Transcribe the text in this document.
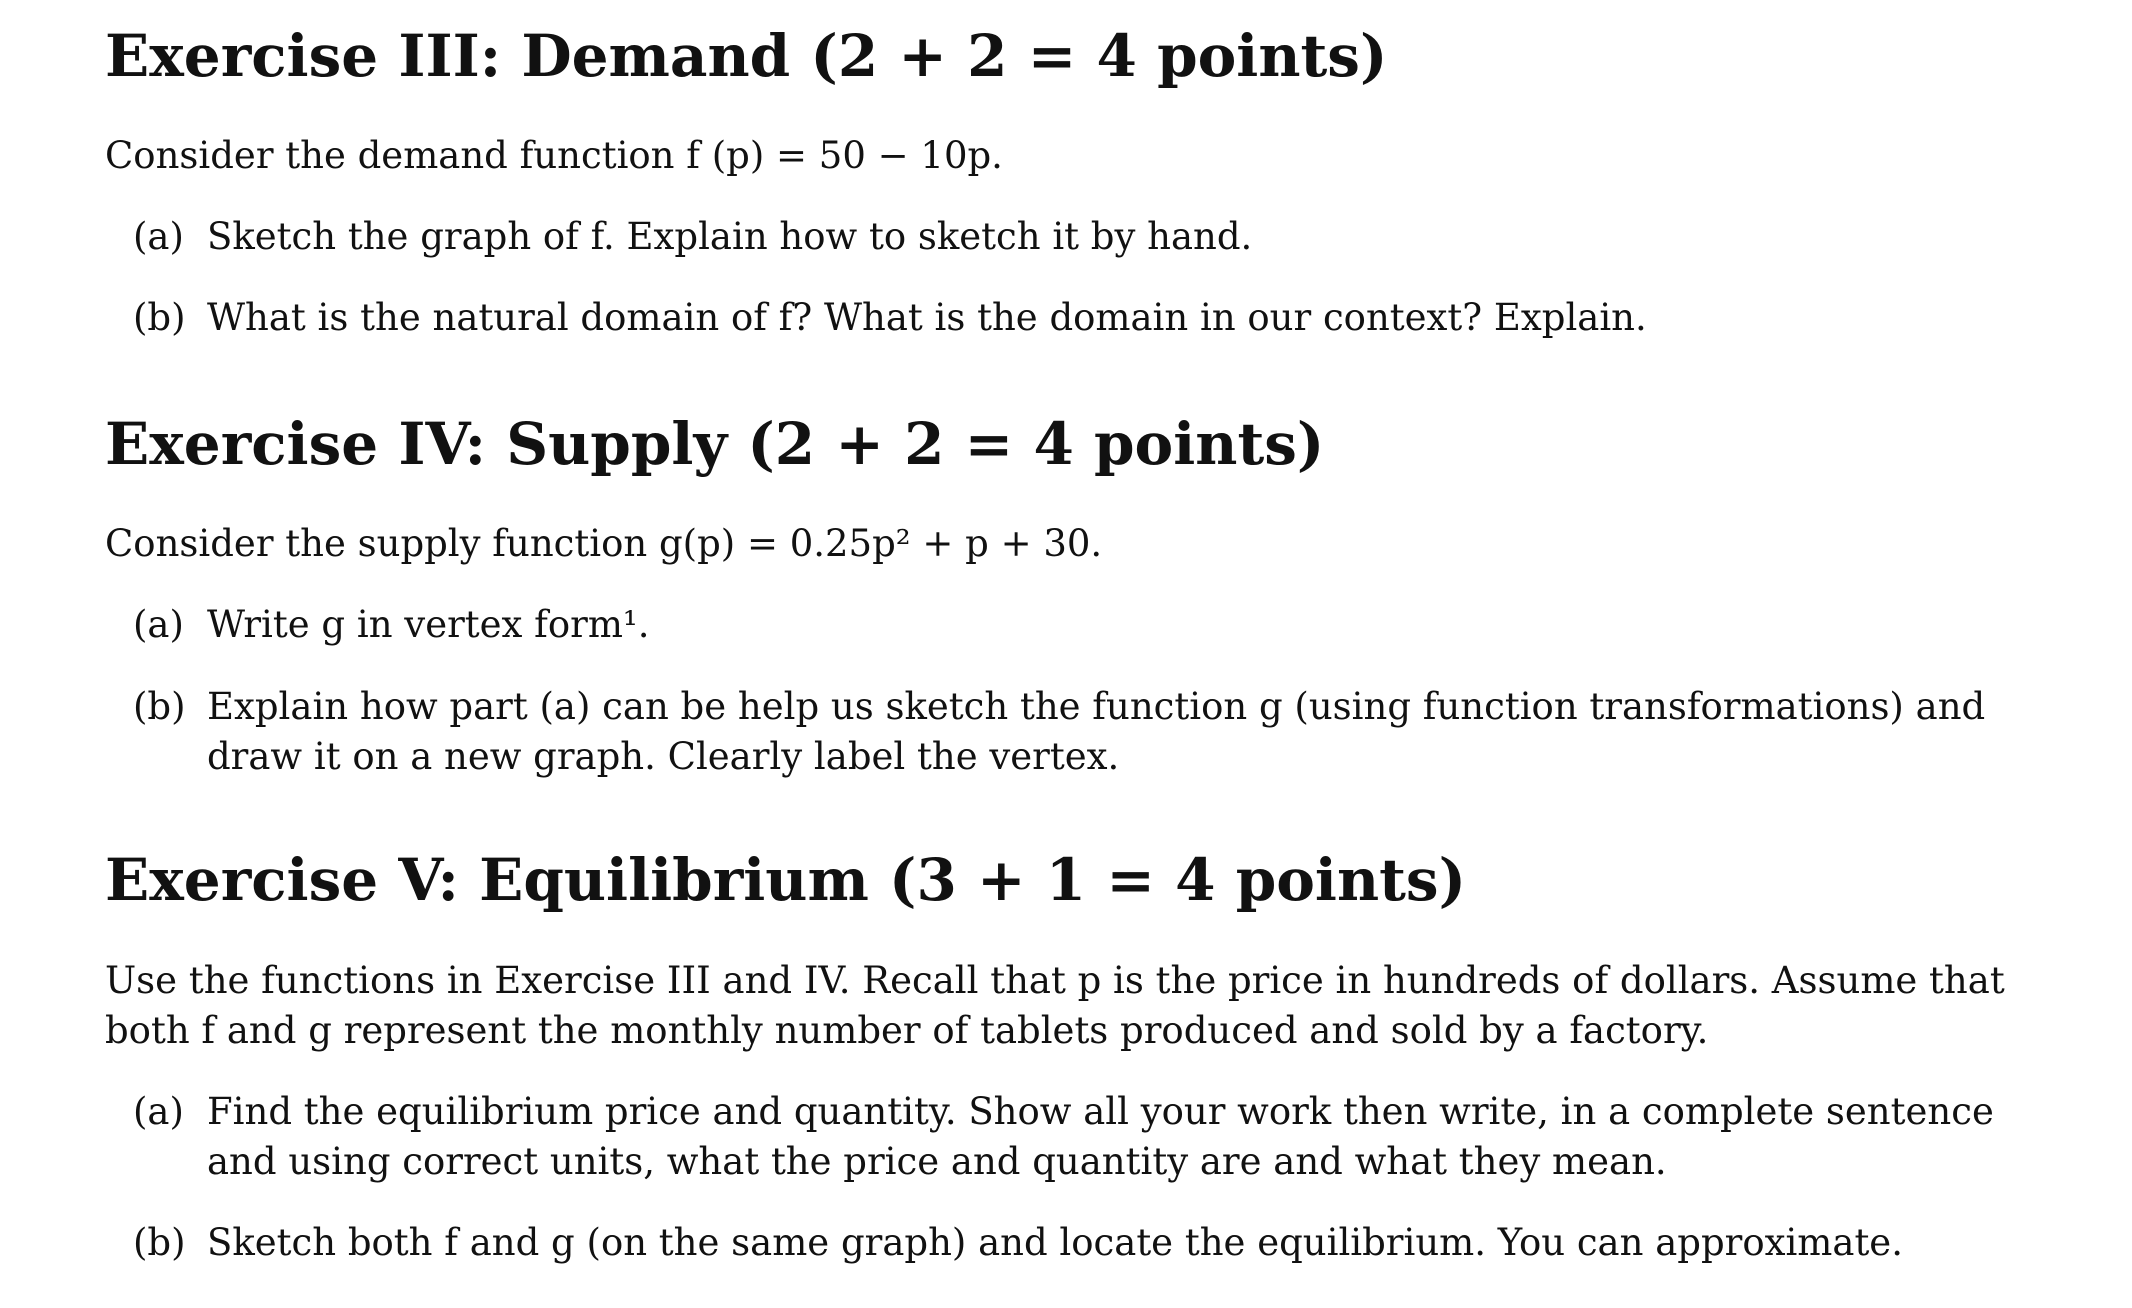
Exercise III: Demand (2 + 2 = 4 points)
Consider the demand function f (p) = 50 − 10p.
(a) Sketch the graph of f. Explain how to sketch it by hand.
(b) What is the natural domain of f? What is the domain in our context? Explain.
Exercise IV: Supply (2 + 2 = 4 points)
Consider the supply function g(p) = 0.25p² + p + 30.
(a) Write g in vertex form¹.
(b) Explain how part (a) can be help us sketch the function g (using function transformations) and draw it on a new graph. Clearly label the vertex.
Exercise V: Equilibrium (3 + 1 = 4 points)
Use the functions in Exercise III and IV. Recall that p is the price in hundreds of dollars. Assume that both f and g represent the monthly number of tablets produced and sold by a factory.
(a) Find the equilibrium price and quantity. Show all your work then write, in a complete sentence and using correct units, what the price and quantity are and what they mean.
(b) Sketch both f and g (on the same graph) and locate the equilibrium. You can approximate.
